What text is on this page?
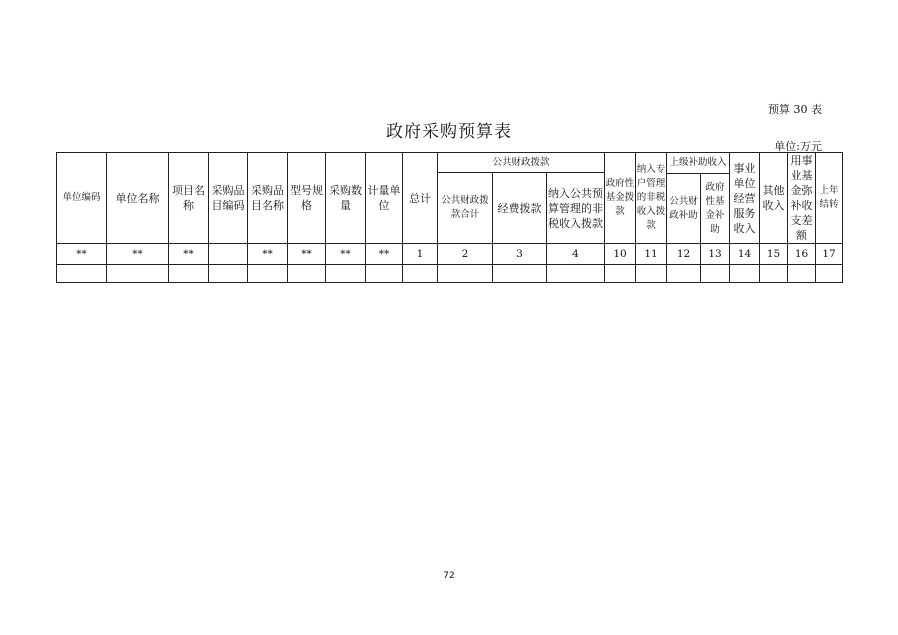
预算 30 表
政府采购预算表
单位:万元
单位编码	单位名称	项目名称	采购品目编码	采购品目名称	型号规格	采购数量	计量单位	总计	公共财政拨款			政府性基金拨款	纳入专户管理的非税收入拨款	上级补助收入		事业单位经营服务收入	其他收入	用事业基金弥补收支差额	上年结转
									公共财政拨款合计	经费拨款	纳入公共预算管理的非税收入拨款								
														公共财政补助	政府性基金补助				
**	**	**		**	**	**	**	1	2	3	4	10	11	12	13	14	15	16	17

72
